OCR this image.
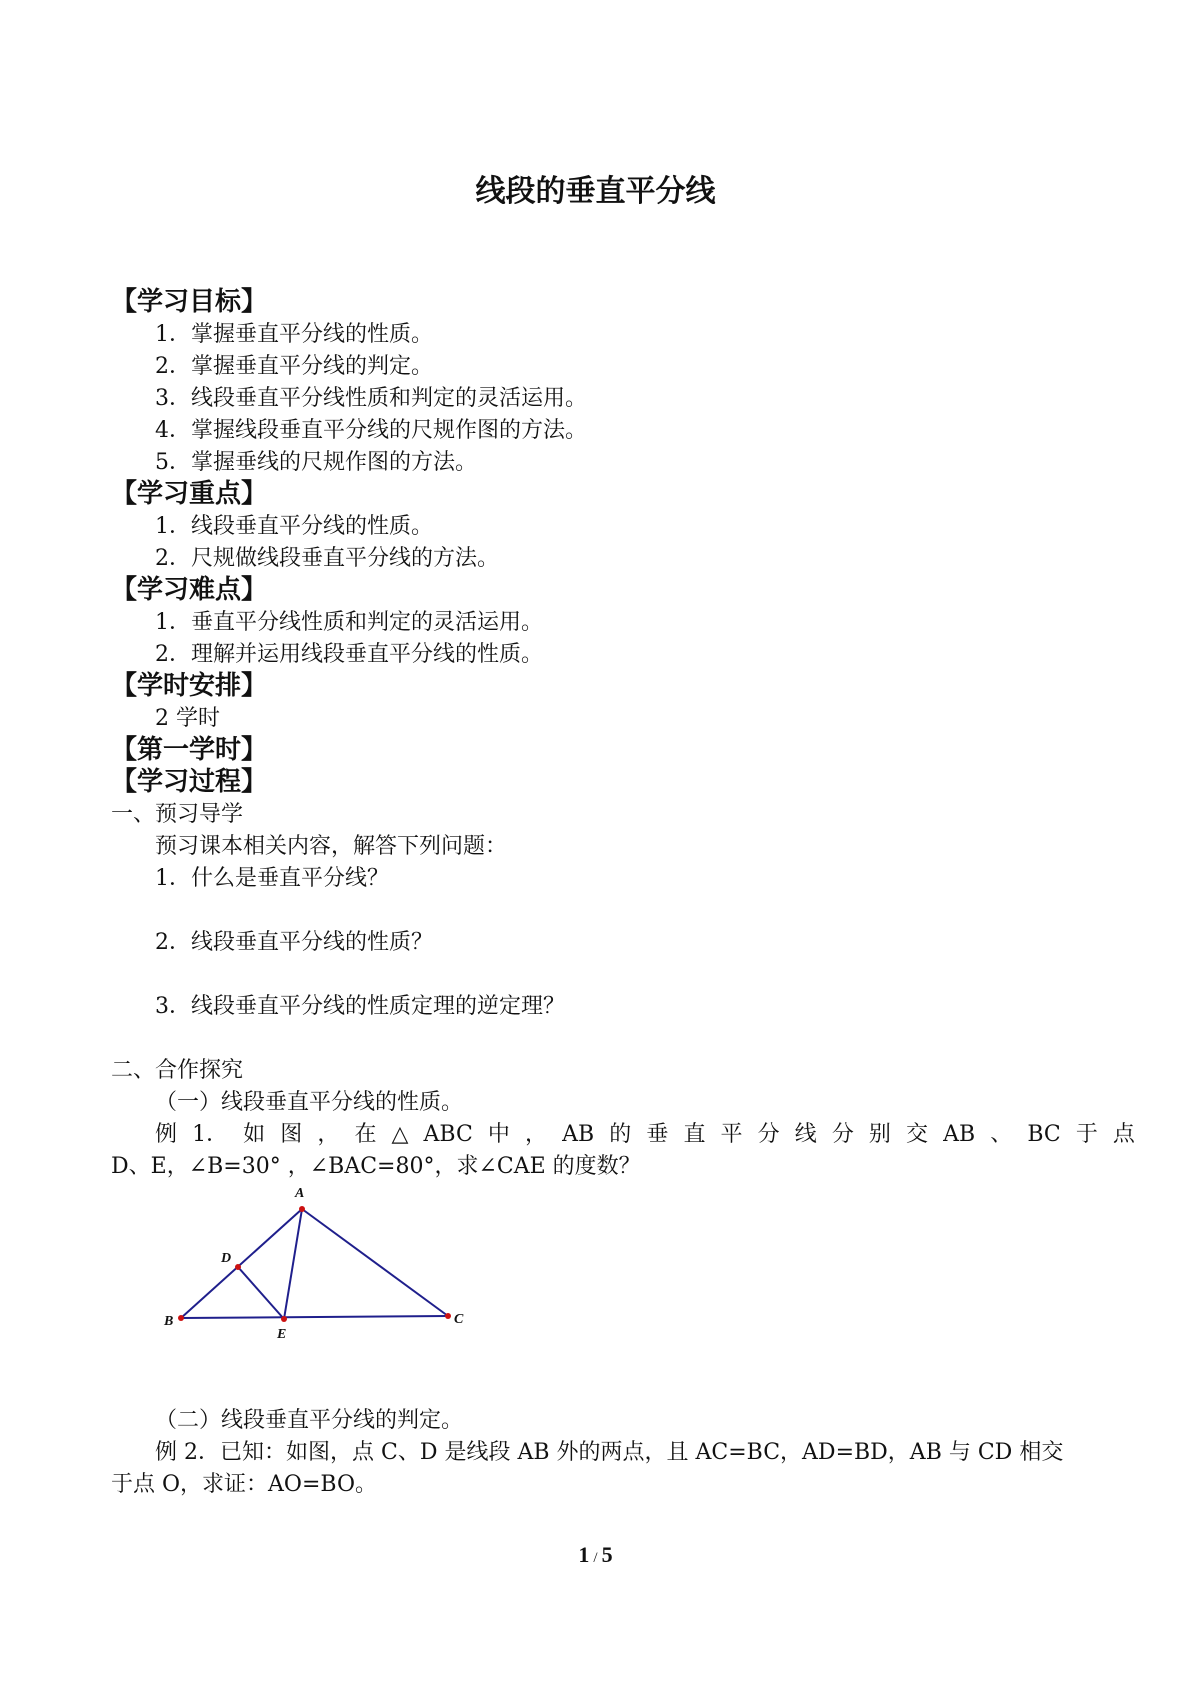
线段的垂直平分线
【学习目标】
1．掌握垂直平分线的性质。
2．掌握垂直平分线的判定。
3．线段垂直平分线性质和判定的灵活运用。
4．掌握线段垂直平分线的尺规作图的方法。
5．掌握垂线的尺规作图的方法。
【学习重点】
1．线段垂直平分线的性质。
2．尺规做线段垂直平分线的方法。
【学习难点】
1．垂直平分线性质和判定的灵活运用。
2．理解并运用线段垂直平分线的性质。
【学时安排】
2 学时
【第一学时】
【学习过程】
一、预习导学
预习课本相关内容，解答下列问题：
1．什么是垂直平分线？
2．线段垂直平分线的性质？
3．线段垂直平分线的性质定理的逆定理？
二、合作探究
（一）线段垂直平分线的性质。
例 1． 如 图 ， 在 △ ABC 中 ， AB 的 垂 直 平 分 线 分 别 交 AB 、 BC 于 点
D、E，∠B=30° ，∠BAC=80°，求∠CAE 的度数？
A
B	C
D
E
（二）线段垂直平分线的判定。
例 2．已知：如图，点 C、D 是线段 AB 外的两点，且 AC=BC，AD=BD，AB 与 CD 相交
于点 O，求证：AO=BO。
1 / 5
